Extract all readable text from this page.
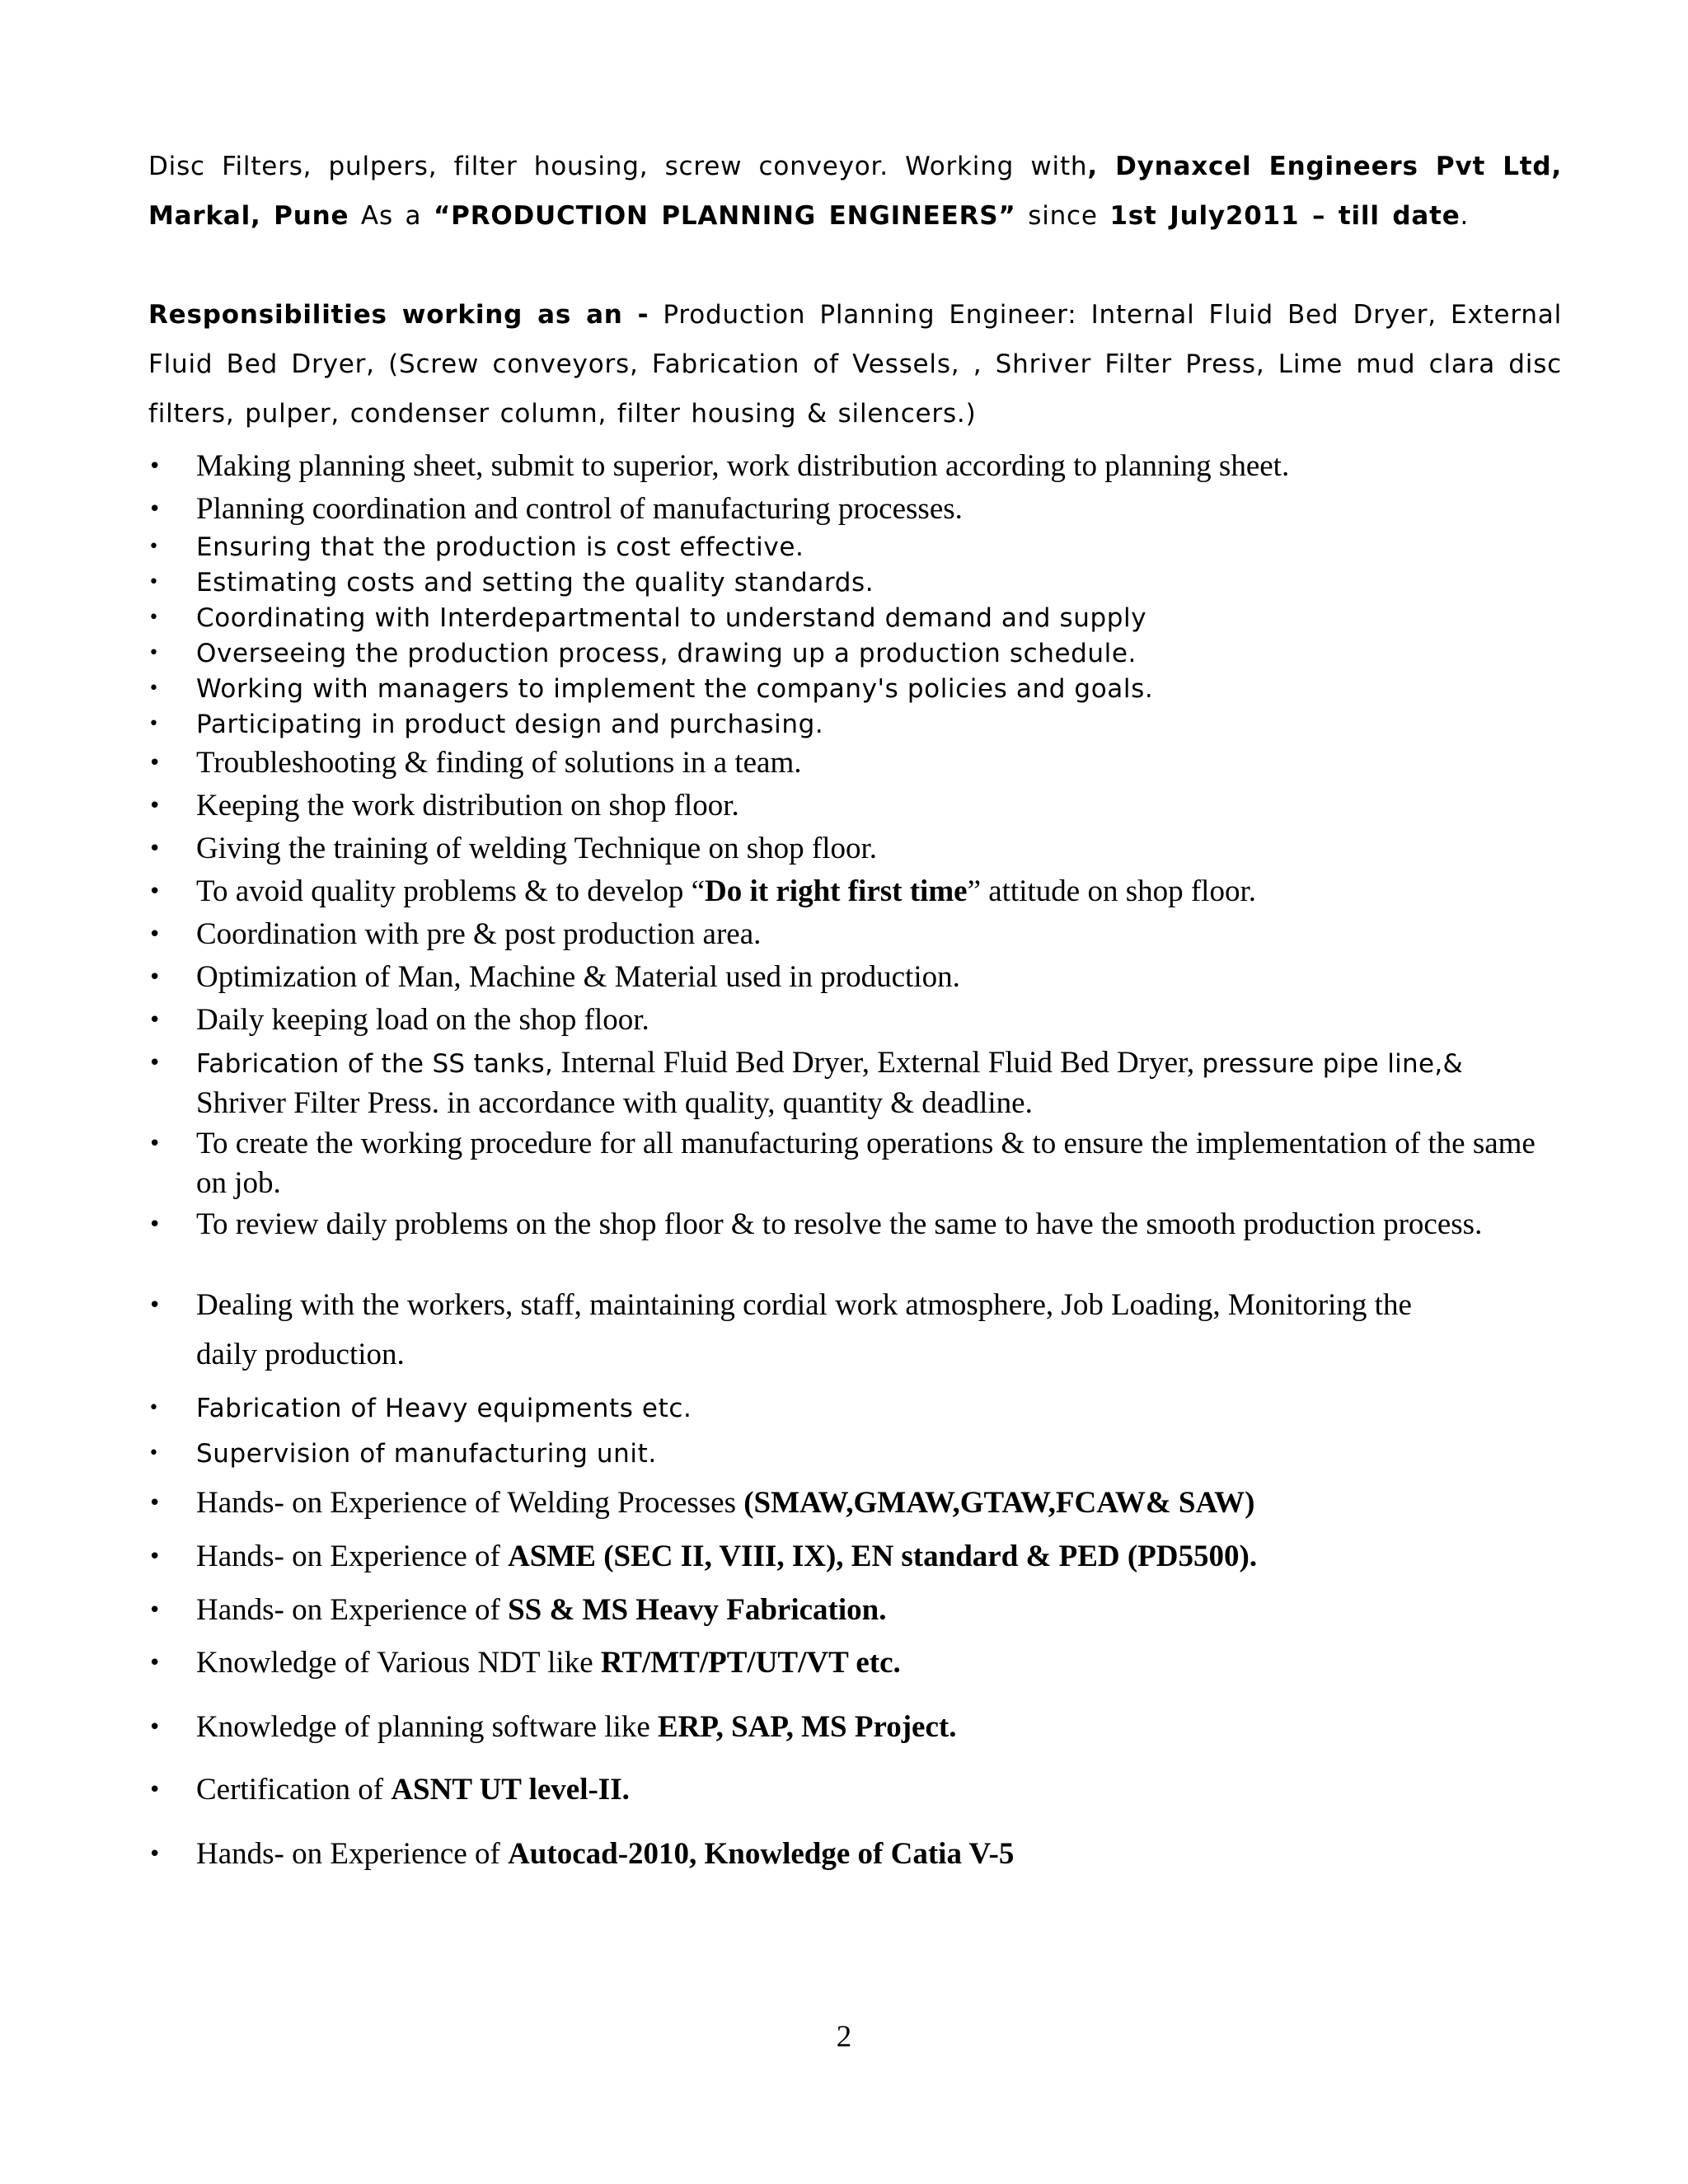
Disc Filters, pulpers, filter housing, screw conveyor. Working with, Dynaxcel Engineers Pvt Ltd, Markal, Pune As a “PRODUCTION PLANNING ENGINEERS” since 1st July2011 – till date.

Responsibilities working as an - Production Planning Engineer: Internal Fluid Bed Dryer, External Fluid Bed Dryer, (Screw conveyors, Fabrication of Vessels, , Shriver Filter Press, Lime mud clara disc filters, pulper, condenser column, filter housing & silencers.)

•	Making planning sheet, submit to superior, work distribution according to planning sheet.
•	Planning coordination and control of manufacturing processes.
•	Ensuring that the production is cost effective.
•	Estimating costs and setting the quality standards.
•	Coordinating with Interdepartmental to understand demand and supply
•	Overseeing the production process, drawing up a production schedule.
•	Working with managers to implement the company's policies and goals.
•	Participating in product design and purchasing.
•	Troubleshooting & finding of solutions in a team.
•	Keeping the work distribution on shop floor.
•	Giving the training of welding Technique on shop floor.
•	To avoid quality problems & to develop “Do it right first time” attitude on shop floor.
•	Coordination with pre & post production area.
•	Optimization of Man, Machine & Material used in production.
•	Daily keeping load on the shop floor.
•	Fabrication of the SS tanks, Internal Fluid Bed Dryer, External Fluid Bed Dryer, pressure pipe line,&
Shriver Filter Press. in accordance with quality, quantity & deadline.
•	To create the working procedure for all manufacturing operations & to ensure the implementation of the same on job.
•	To review daily problems on the shop floor & to resolve the same to have the smooth production process.
•	Dealing with the workers, staff, maintaining cordial work atmosphere, Job Loading, Monitoring the
daily production.
•	Fabrication of Heavy equipments etc.
•	Supervision of manufacturing unit.
•	Hands- on Experience of Welding Processes (SMAW,GMAW,GTAW,FCAW& SAW)
•	Hands- on Experience of ASME (SEC II, VIII, IX), EN standard & PED (PD5500).
•	Hands- on Experience of SS & MS Heavy Fabrication.
•	Knowledge of Various NDT like RT/MT/PT/UT/VT etc.
•	Knowledge of planning software like ERP, SAP, MS Project.
•	Certification of ASNT UT level-II.
•	Hands- on Experience of Autocad-2010, Knowledge of Catia V-5
2
